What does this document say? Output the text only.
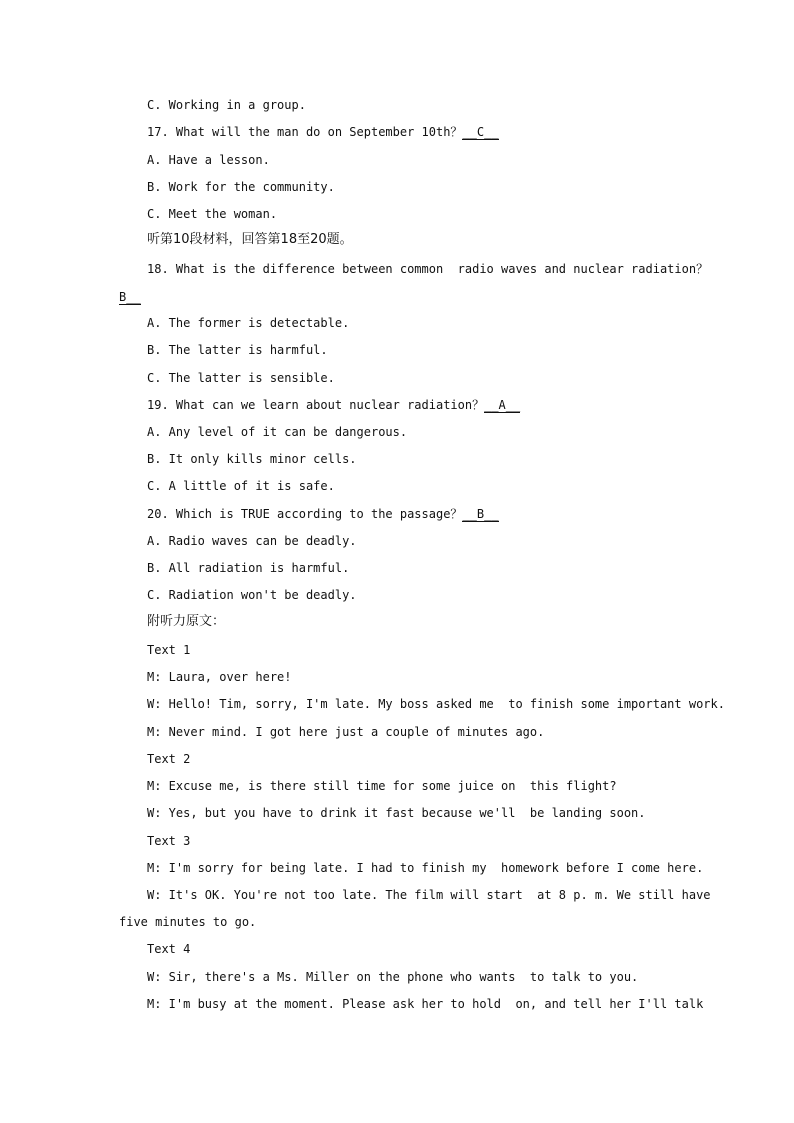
C. Working in a group.
17. What will the man do on September 10th？__C__
A. Have a lesson.
B. Work for the community.
C. Meet the woman.
听第10段材料，回答第18至20题。
18. What is the difference between common  radio waves and nuclear radiation？
B__
A. The former is detectable.
B. The latter is harmful.
C. The latter is sensible.
19. What can we learn about nuclear radiation？__A__
A. Any level of it can be dangerous.
B. It only kills minor cells.
C. A little of it is safe.
20. Which is TRUE according to the passage？__B__
A. Radio waves can be deadly.
B. All radiation is harmful.
C. Radiation won't be deadly.
附听力原文：
Text 1
M: Laura, over here!
W: Hello! Tim, sorry, I'm late. My boss asked me  to finish some important work.
M: Never mind. I got here just a couple of minutes ago.
Text 2
M: Excuse me, is there still time for some juice on  this flight?
W: Yes, but you have to drink it fast because we'll  be landing soon.
Text 3
M: I'm sorry for being late. I had to finish my  homework before I come here.
W: It's OK. You're not too late. The film will start  at 8 p. m. We still have
five minutes to go.
Text 4
W: Sir, there's a Ms. Miller on the phone who wants  to talk to you.
M: I'm busy at the moment. Please ask her to hold  on, and tell her I'll talk
